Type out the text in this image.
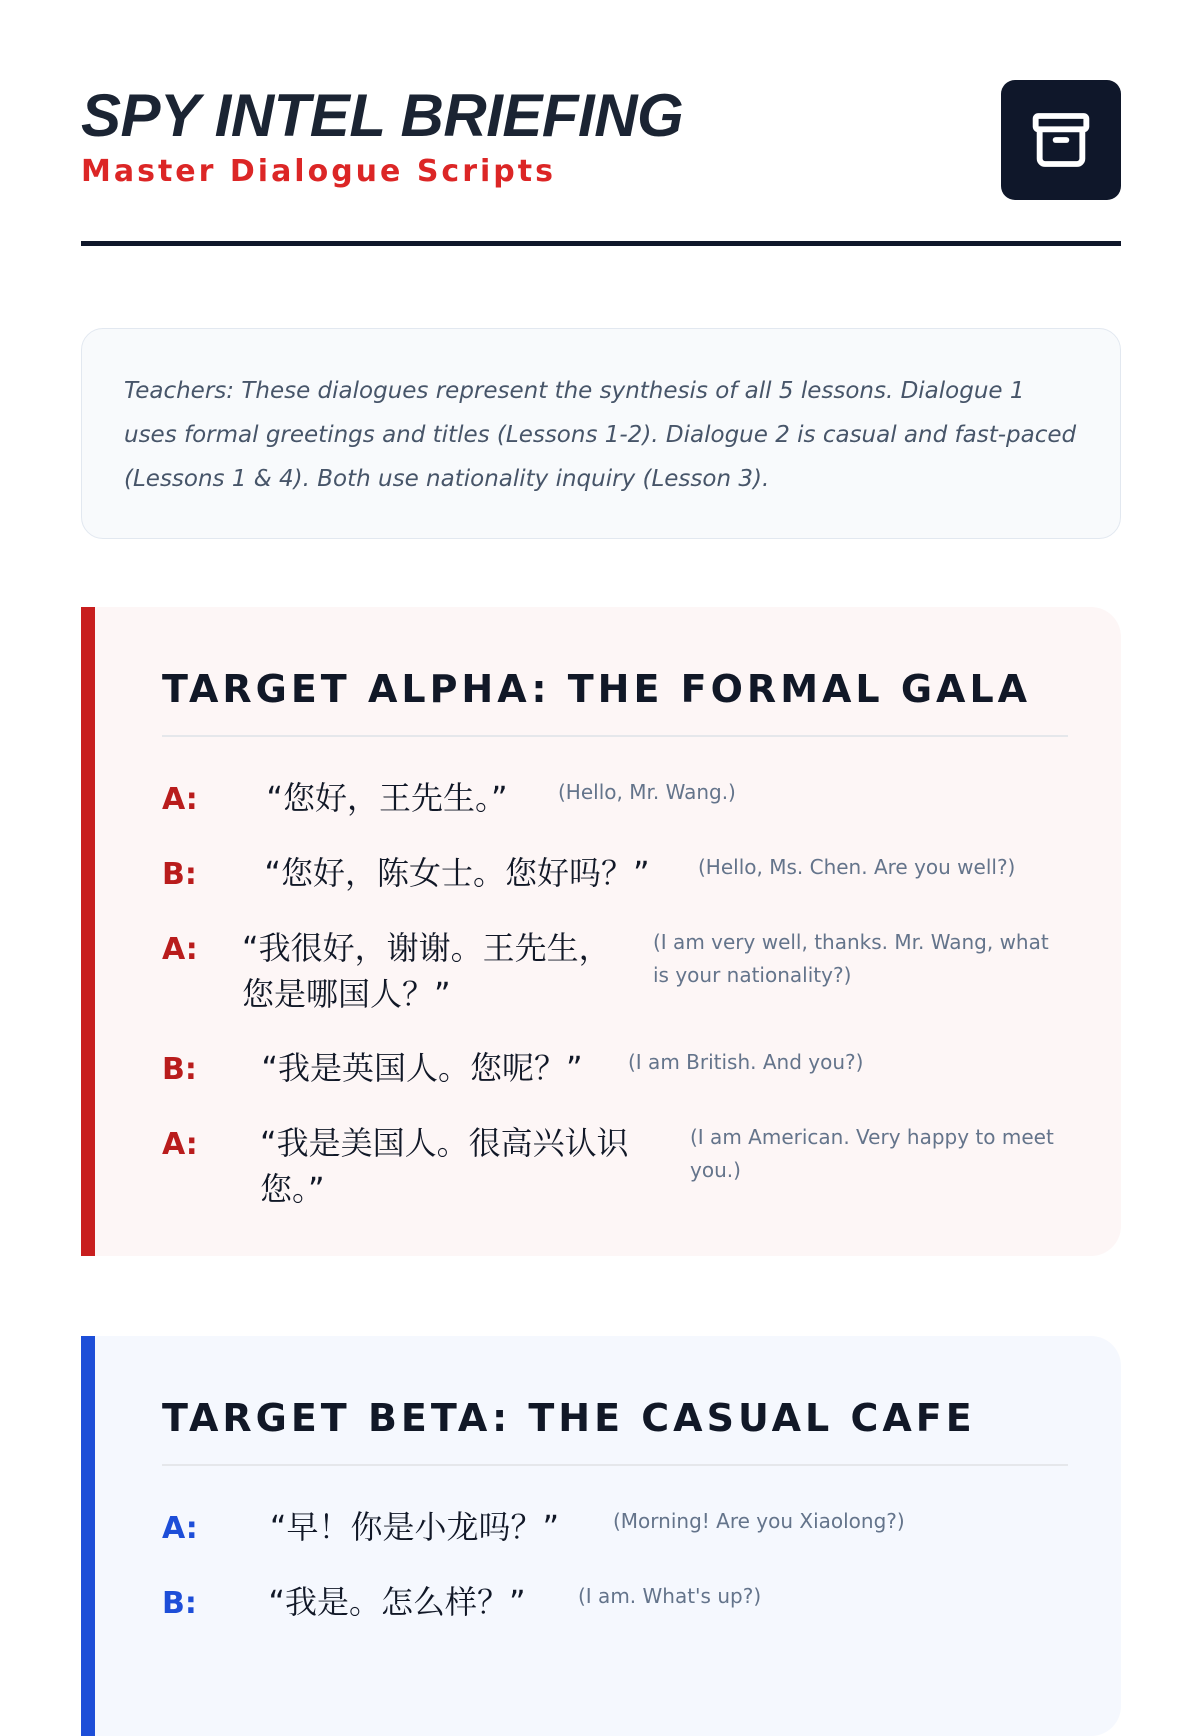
SPY INTEL BRIEFING
Master Dialogue Scripts

Teachers: These dialogues represent the synthesis of all 5 lessons. Dialogue 1 uses formal greetings and titles (Lessons 1-2). Dialogue 2 is casual and fast-paced (Lessons 1 & 4). Both use nationality inquiry (Lesson 3).

TARGET ALPHA: THE FORMAL GALA
A:	“您好，王先生。”	(Hello, Mr. Wang.)
B:	“您好，陈女士。您好吗？”	(Hello, Ms. Chen. Are you well?)
A:	“我很好，谢谢。王先生，您是哪国人？”
(I am very well, thanks. Mr. Wang, what is your nationality?)
B:	“我是英国人。您呢？”	(I am British. And you?)
A:	“我是美国人。很高兴认识您。”
(I am American. Very happy to meet you.)
TARGET BETA: THE CASUAL CAFE
A:	“早！你是小龙吗？”	(Morning! Are you Xiaolong?)
B:	“我是。怎么样？”	(I am. What's up?)
